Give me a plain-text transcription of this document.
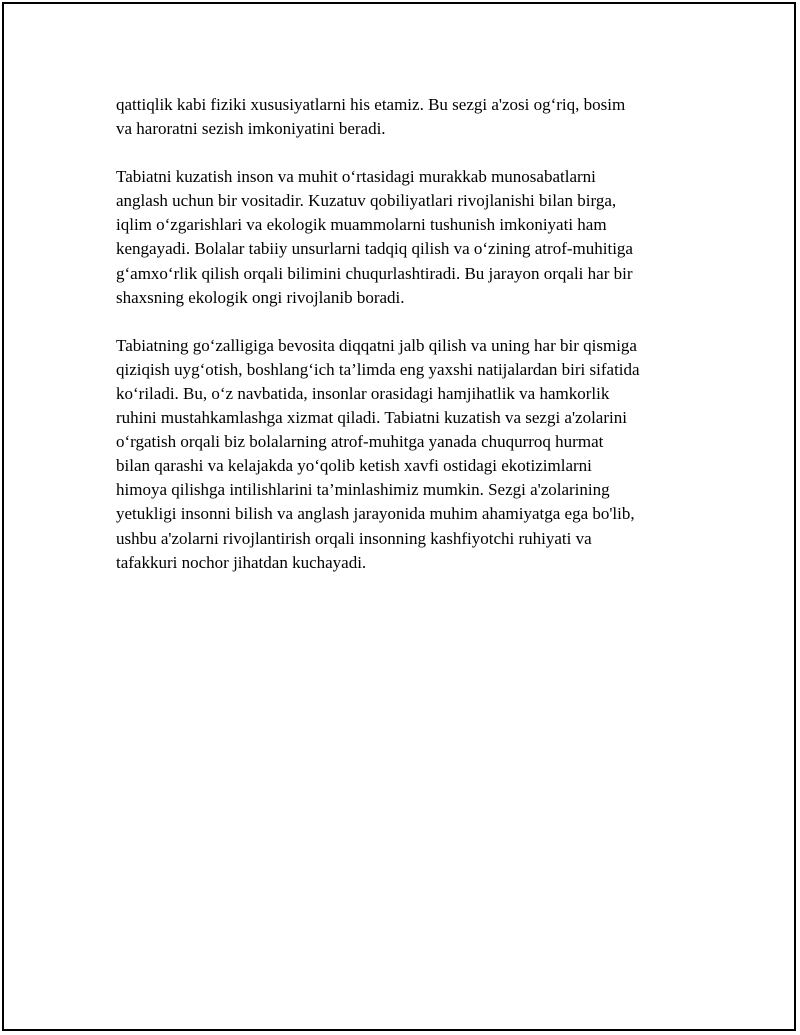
qattiqlik kabi fiziki xususiyatlarni his etamiz. Bu sezgi a'zosi og‘riq, bosim
va haroratni sezish imkoniyatini beradi.

Tabiatni kuzatish inson va muhit o‘rtasidagi murakkab munosabatlarni
anglash uchun bir vositadir. Kuzatuv qobiliyatlari rivojlanishi bilan birga,
iqlim o‘zgarishlari va ekologik muammolarni tushunish imkoniyati ham
kengayadi. Bolalar tabiiy unsurlarni tadqiq qilish va o‘zining atrof-muhitiga
g‘amxo‘rlik qilish orqali bilimini chuqurlashtiradi. Bu jarayon orqali har bir
shaxsning ekologik ongi rivojlanib boradi.

Tabiatning go‘zalligiga bevosita diqqatni jalb qilish va uning har bir qismiga
qiziqish uyg‘otish, boshlang‘ich ta’limda eng yaxshi natijalardan biri sifatida
ko‘riladi. Bu, o‘z navbatida, insonlar orasidagi hamjihatlik va hamkorlik
ruhini mustahkamlashga xizmat qiladi. Tabiatni kuzatish va sezgi a'zolarini
o‘rgatish orqali biz bolalarning atrof-muhitga yanada chuqurroq hurmat
bilan qarashi va kelajakda yo‘qolib ketish xavfi ostidagi ekotizimlarni
himoya qilishga intilishlarini ta’minlashimiz mumkin. Sezgi a'zolarining
yetukligi insonni bilish va anglash jarayonida muhim ahamiyatga ega bo'lib,
ushbu a'zolarni rivojlantirish orqali insonning kashfiyotchi ruhiyati va
tafakkuri nochor jihatdan kuchayadi.
